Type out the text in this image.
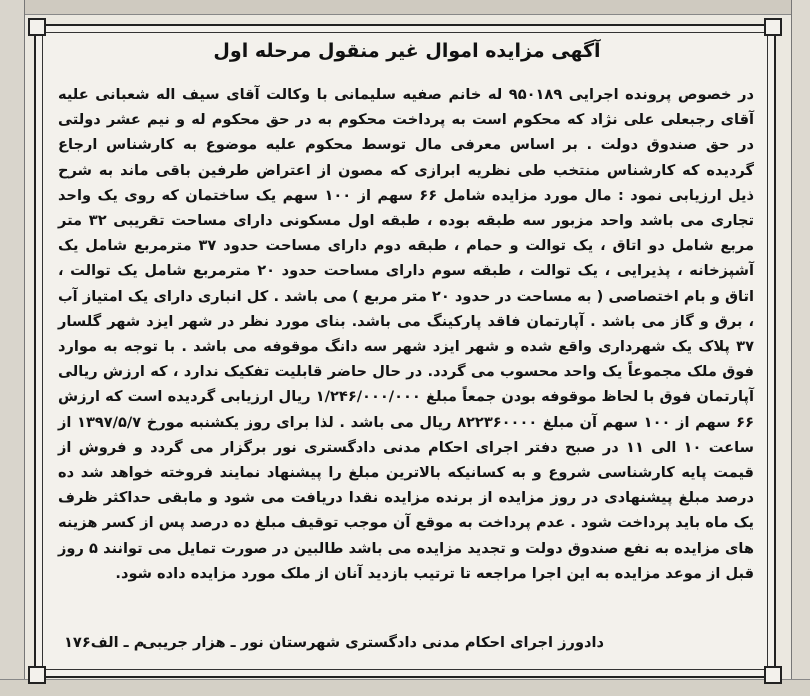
آگهی مزایده اموال غیر منقول مرحله اول

در خصوص پرونده اجرایی ۹۵۰۱۸۹ له خانم صفیه سلیمانی با وکالت آقای سیف اله شعبانی علیه آقای رجبعلی علی نژاد که محکوم است به پرداخت محکوم به در حق محکوم له و نیم عشر دولتی در حق صندوق دولت . بر اساس معرفی مال توسط محکوم علیه موضوع به کارشناس ارجاع گردیده که کارشناس منتخب طی نظریه ابرازی که مصون از اعتراض طرفین باقی ماند به شرح ذیل ارزیابی نمود : مال مورد مزایده شامل ۶۶ سهم از ۱۰۰ سهم یک ساختمان که روی یک واحد تجاری می باشد واحد مزبور سه طبقه بوده ، طبقه اول مسکونی دارای مساحت تقریبی ۳۲ متر مربع شامل دو اتاق ، یک توالت و حمام ، طبقه دوم دارای مساحت حدود ۳۷ مترمربع شامل یک آشپزخانه ، پذیرایی ، یک توالت ، طبقه سوم دارای مساحت حدود ۲۰ مترمربع شامل یک توالت ، اتاق و بام اختصاصی ( به مساحت در حدود ۲۰ متر مربع ) می باشد . کل انباری دارای یک امتیاز آب ، برق و گاز می باشد . آپارتمان فاقد پارکینگ می باشد. بنای مورد نظر در شهر ایزد شهر گلسار ۳۷ پلاک یک شهرداری واقع شده و شهر ایزد شهر سه دانگ موقوفه می باشد . با توجه به موارد فوق ملک مجموعاً یک واحد محسوب می گردد. در حال حاضر قابلیت تفکیک ندارد ، که ارزش ریالی آپارتمان فوق با لحاظ موقوفه بودن جمعاً مبلغ ۱/۲۴۶/۰۰۰/۰۰۰ ریال ارزیابی گردیده است که ارزش ۶۶ سهم از ۱۰۰ سهم آن مبلغ ۸۲۲۳۶۰۰۰۰ ریال می باشد . لذا برای روز یکشنبه مورخ ۱۳۹۷/۵/۷ از ساعت ۱۰ الی ۱۱ در صبح دفتر اجرای احکام مدنی دادگستری نور برگزار می گردد و فروش از قیمت پایه کارشناسی شروع و به کسانیکه بالاترین مبلغ را پیشنهاد نمایند فروخته خواهد شد ده درصد مبلغ پیشنهادی در روز مزایده از برنده مزایده نقدا دریافت می شود و مابقی حداکثر ظرف یک ماه باید پرداخت شود . عدم پرداخت به موقع آن موجب توقیف مبلغ ده درصد پس از کسر هزینه های مزایده به نفع صندوق دولت و تجدید مزایده می باشد طالبین در صورت تمایل می توانند ۵ روز قبل از موعد مزایده به این اجرا مراجعه تا ترتیب بازدید آنان از ملک مورد مزایده داده شود.

دادورز اجرای احکام مدنی دادگستری شهرستان نور ـ هزار جریبی
م ـ الف۱۷۶
